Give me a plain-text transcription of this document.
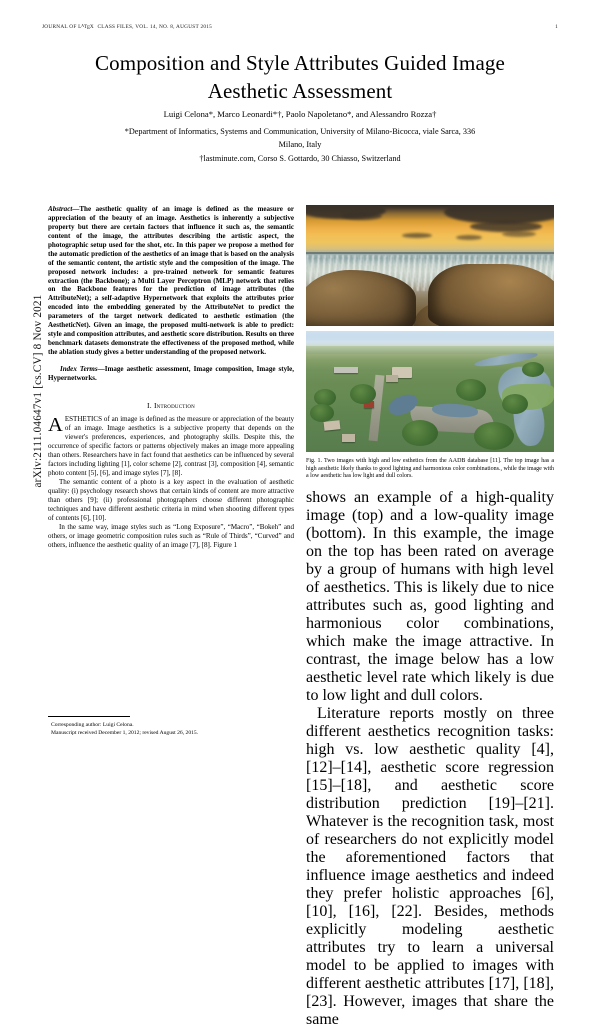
arXiv:2111.04647v1 [cs.CV] 8 Nov 2021
JOURNAL OF $L^ATEX$ CLASS FILES, VOL. 14, NO. 8, AUGUST 2015	1
Composition and Style Attributes Guided Image Aesthetic Assessment
Luigi Celona*, Marco Leonardi*†, Paolo Napoletano*, and Alessandro Rozza†
*Department of Informatics, Systems and Communication, University of Milano-Bicocca, viale Sarca, 336
Milano, Italy
†lastminute.com, Corso S. Gottardo, 30 Chiasso, Switzerland

Abstract—The aesthetic quality of an image is defined as the measure or appreciation of the beauty of an image. Aesthetics is inherently a subjective property but there are certain factors that influence it such as, the semantic content of the image, the attributes describing the artistic aspect, the photographic setup used for the shot, etc. In this paper we propose a method for the automatic prediction of the aesthetics of an image that is based on the analysis of the semantic content, the artistic style and the composition of the image. The proposed network includes: a pre-trained network for semantic features extraction (the Backbone); a Multi Layer Perceptron (MLP) network that relies on the Backbone features for the prediction of image attributes (the AttributeNet); a self-adaptive Hypernetwork that exploits the attributes prior encoded into the embedding generated by the AttributeNet to predict the parameters of the target network dedicated to aesthetic estimation (the AestheticNet). Given an image, the proposed multi-network is able to predict: style and composition attributes, and aesthetic score distribution. Results on three benchmark datasets demonstrate the effectiveness of the proposed method, while the ablation study gives a better understanding of the proposed network.

Index Terms—Image aesthetic assessment, Image composition, Image style, Hypernetworks.

I. Introduction

AESTHETICS of an image is defined as the measure or appreciation of the beauty of an image. Image aesthetics is a subjective property that depends on the viewer's preferences, experiences, and photography skills. Despite this, the occurrence of specific factors or patterns objectively makes an image more appealing than others. Researchers have in fact found that aesthetics can be influenced by several factors including lighting [1], color scheme [2], contrast [3], composition [4], semantic photo content [5], [6], and image styles [7], [8].

The semantic content of a photo is a key aspect in the evaluation of aesthetic quality: (i) psychology research shows that certain kinds of content are more attractive than others [9]; (ii) professional photographers choose different photographic techniques and have different aesthetic criteria in mind when shooting different types of contents [6], [10].

In the same way, image styles such as “Long Exposure”, “Macro”, “Bokeh” and others, or image geometric composition rules such as “Rule of Thirds”, “Curved” and others, influence the aesthetic quality of an image [7], [8]. Figure 1

Corresponding author: Luigi Celona.
Manuscript received December 1, 2012; revised August 26, 2015.
Fig. 1. Two images with high and low esthetics from the AADB database [11]. The top image has a high aesthetic likely thanks to good lighting and harmonious color combinations., while the image with a low aesthetic has low light and dull colors.

shows an example of a high-quality image (top) and a low-quality image (bottom). In this example, the image on the top has been rated on average by a group of humans with high level of aesthetics. This is likely due to nice attributes such as, good lighting and harmonious color combinations, which make the image attractive. In contrast, the image below has a low aesthetic level rate which likely is due to low light and dull colors.

Literature reports mostly on three different aesthetics recognition tasks: high vs. low aesthetic quality [4], [12]–[14], aesthetic score regression [15]–[18], and aesthetic score distribution prediction [19]–[21]. Whatever is the recognition task, most of researchers do not explicitly model the aforementioned factors that influence image aesthetics and indeed they prefer holistic approaches [6], [10], [16], [22]. Besides, methods explicitly modeling aesthetic attributes try to learn a universal model to be applied to images with different aesthetic attributes [17], [18], [23]. However, images that share the same
